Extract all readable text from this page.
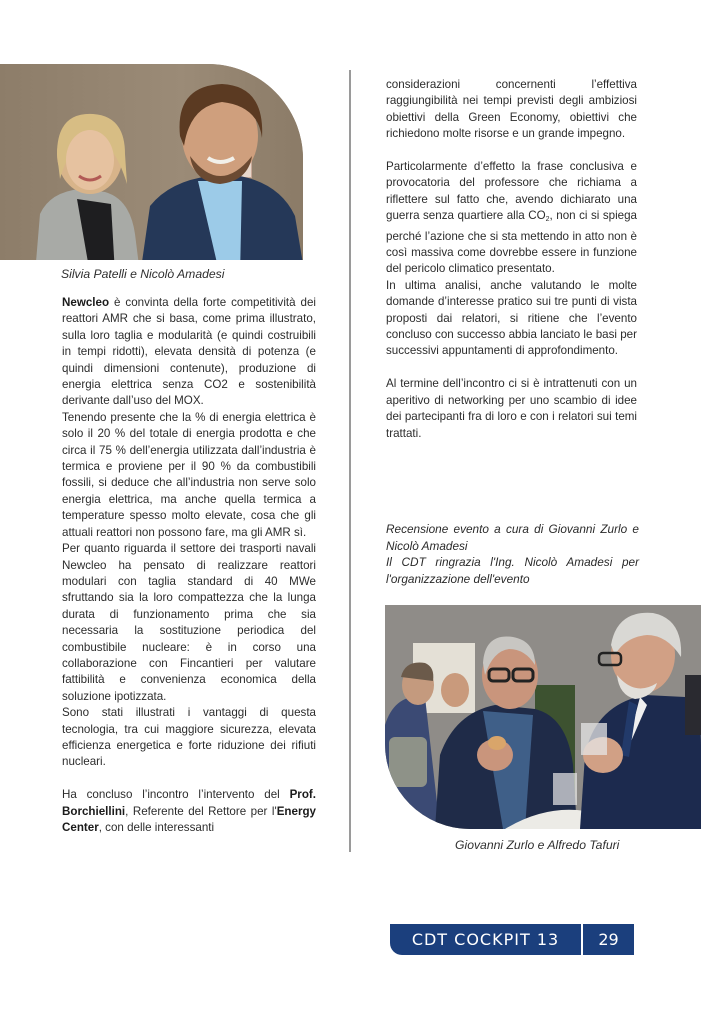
Silvia Patelli e Nicolò Amadesi

Newcleo è convinta della forte competitività dei reattori AMR che si basa, come prima illustrato, sulla loro taglia e modularità (e quindi costruibili in tempi ridotti), elevata densità di potenza (e quindi dimensioni contenute), produzione di energia elettrica senza CO2 e sostenibilità derivante dall’uso del MOX.

Tenendo presente che la % di energia elettrica è solo il 20 % del totale di energia prodotta e che circa il 75 % dell’energia utilizzata dall’industria è termica e proviene per il 90 % da combustibili fossili, si deduce che all’industria non serve solo energia elettrica, ma anche quella termica a temperature spesso molto elevate, cosa che gli attuali reattori non possono fare, ma gli AMR sì.

Per quanto riguarda il settore dei trasporti navali Newcleo ha pensato di realizzare reattori modulari con taglia standard di 40 MWe sfruttando sia la loro compattezza che la lunga durata di funzionamento prima che sia necessaria la sostituzione periodica del combustibile nucleare: è in corso una collaborazione con Fincantieri per valutare fattibilità e convenienza economica della soluzione ipotizzata.

Sono stati illustrati i vantaggi di questa tecnologia, tra cui maggiore sicurezza, elevata efficienza energetica e forte riduzione dei rifiuti nucleari.

Ha concluso l’incontro l’intervento del Prof. Borchiellini, Referente del Rettore per l'Energy Center, con delle interessanti

considerazioni concernenti l’effettiva raggiungibilità nei tempi previsti degli ambiziosi obiettivi della Green Economy, obiettivi che richiedono molte risorse e un grande impegno.

Particolarmente d’effetto la frase conclusiva e provocatoria del professore che richiama a riflettere sul fatto che, avendo dichiarato una guerra senza quartiere alla $CO_2$, non ci si spiega perché l’azione che si sta mettendo in atto non è così massiva come dovrebbe essere in funzione del pericolo climatico presentato.

In ultima analisi, anche valutando le molte domande d’interesse pratico sui tre punti di vista proposti dai relatori, si ritiene che l’evento concluso con successo abbia lanciato le basi per successivi appuntamenti di approfondimento.

Al termine dell’incontro ci si è intrattenuti con un aperitivo di networking per uno scambio di idee dei partecipanti fra di loro e con i relatori sui temi trattati.

Recensione evento a cura di Giovanni Zurlo e Nicolò Amadesi

Il CDT ringrazia l'Ing. Nicolò Amadesi per l'organizzazione dell'evento

Giovanni Zurlo e Alfredo Tafuri
CDT COCKPIT 13	29
